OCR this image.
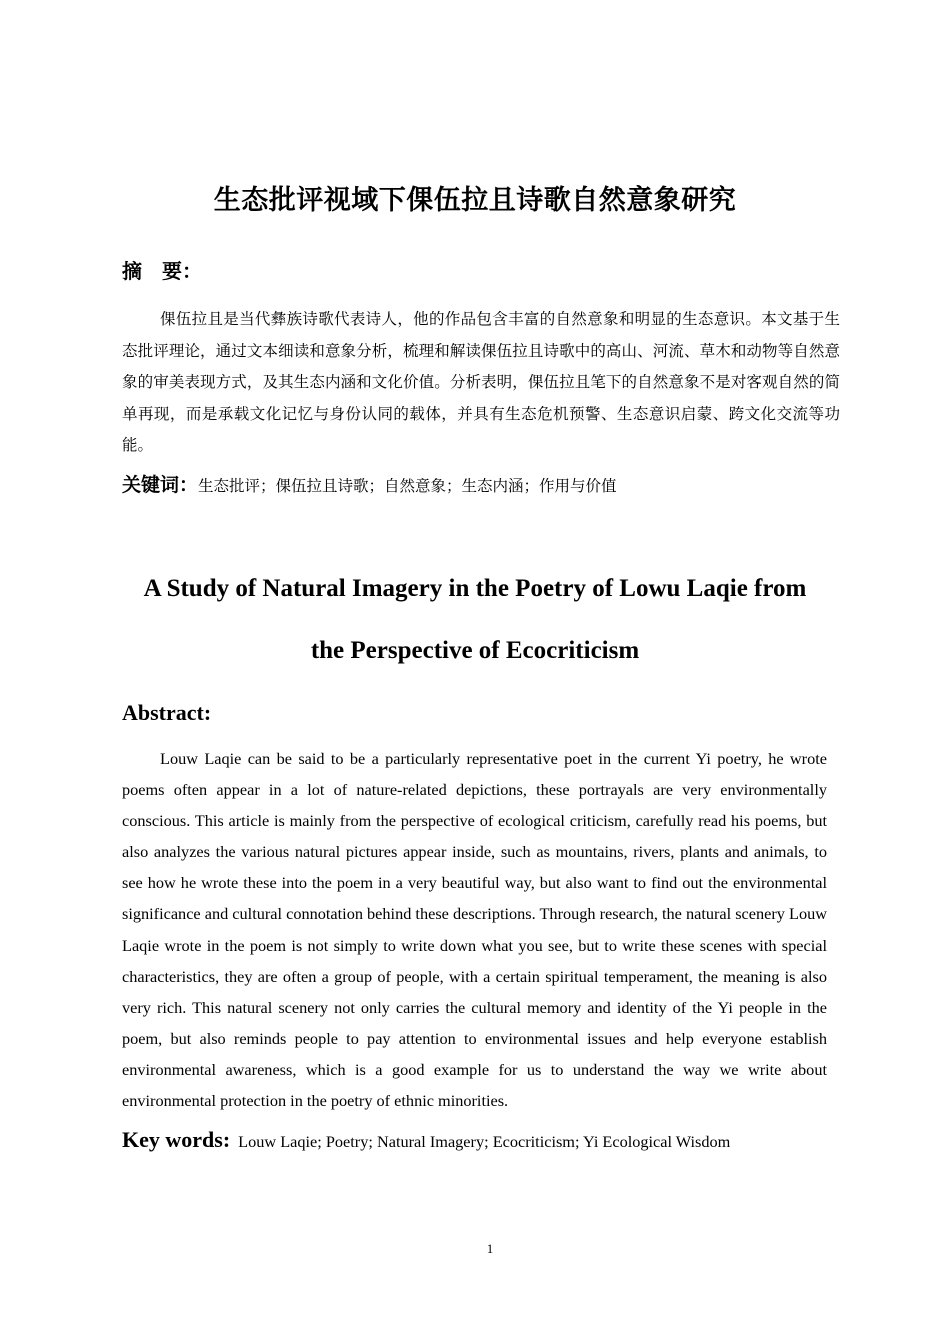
生态批评视域下倮伍拉且诗歌自然意象研究
摘　要：
倮伍拉且是当代彝族诗歌代表诗人，他的作品包含丰富的自然意象和明显的生态意识。本文基于生态批评理论，通过文本细读和意象分析，梳理和解读倮伍拉且诗歌中的高山、河流、草木和动物等自然意象的审美表现方式，及其生态内涵和文化价值。分析表明，倮伍拉且笔下的自然意象不是对客观自然的简单再现，而是承载文化记忆与身份认同的载体，并具有生态危机预警、生态意识启蒙、跨文化交流等功能。
关键词：生态批评；倮伍拉且诗歌；自然意象；生态内涵；作用与价值
A Study of Natural Imagery in the Poetry of Lowu Laqie from
the Perspective of Ecocriticism
Abstract:
Louw Laqie can be said to be a particularly representative poet in the current Yi poetry, he wrote poems often appear in a lot of nature-related depictions, these portrayals are very environmentally conscious. This article is mainly from the perspective of ecological criticism, carefully read his poems, but also analyzes the various natural pictures appear inside, such as mountains, rivers, plants and animals, to see how he wrote these into the poem in a very beautiful way, but also want to find out the environmental significance and cultural connotation behind these descriptions. Through research, the natural scenery Louw Laqie wrote in the poem is not simply to write down what you see, but to write these scenes with special characteristics, they are often a group of people, with a certain spiritual temperament, the meaning is also very rich. This natural scenery not only carries the cultural memory and identity of the Yi people in the poem, but also reminds people to pay attention to environmental issues and help everyone establish environmental awareness, which is a good example for us to understand the way we write about environmental protection in the poetry of ethnic minorities.
Key words: Louw Laqie; Poetry; Natural Imagery; Ecocriticism; Yi Ecological Wisdom
1
